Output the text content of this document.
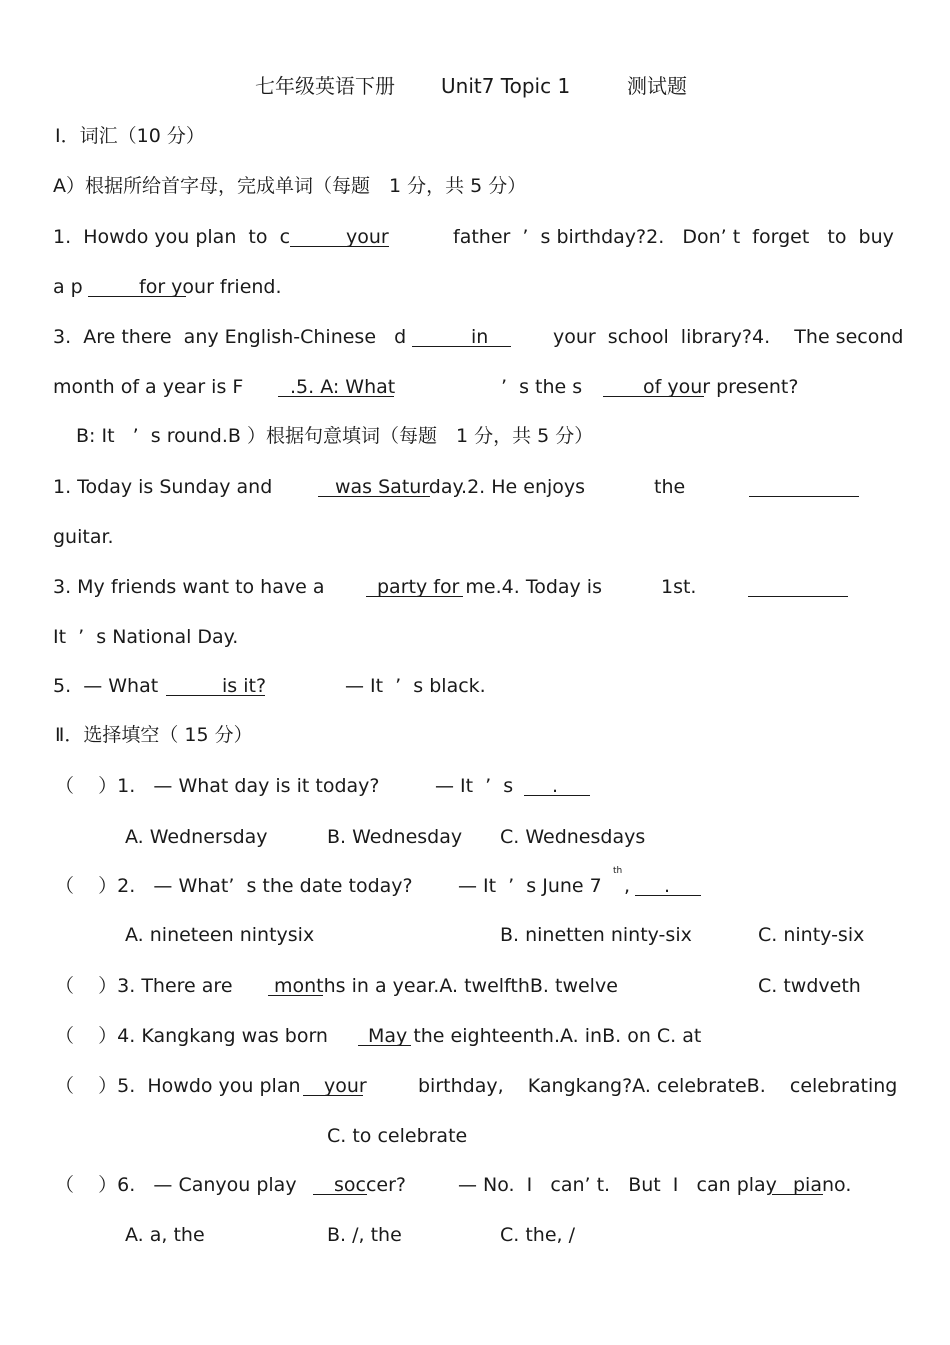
七年级英语下册 Unit7 Topic 1	测试题
Ⅰ．词汇（10 分）
A）根据所给首字母，完成单词（每题　1 分，共 5 分）
1.  Howdo you plan  to  c	your	father  ’  s birthday?2.   Don’ t  forget   to  buy
a p	for your friend.
3.  Are there  any English-Chinese   d	in	your  school  library?4.    The second
month of a year is F .5. A: What	’  s the s	of your present?
B: It   ’  s round.B ）根据句意填词（每题　1 分，共 5 分）
1. Today is Sunday and	was Saturday.2. He enjoys	the
guitar.
3. My friends want to have a	party for me.4. Today is	1st.
It  ’  s National Day.
5.  — What	is it?	— It  ’  s black.
Ⅱ．选择填空（ 15 分）
（    ）1.   — What day is it today?	— It  ’  s .
A. Wednersday	B. Wednesday C. Wednesdays
（    ）2.   — What’  s the date today? — It  ’  s June 7
th
, .
A. nineteen nintysix	B. ninetten ninty-six	C. ninty-six
（    ）3. There are months in a year.A. twelfthB. twelve	C. twdveth
（    ）4. Kangkang was born May the eighteenth.A. inB. on C. at
（    ）5.  Howdo you plan your	birthday,    Kangkang?A. celebrateB.    celebrating
C. to celebrate
（    ）6.   — Canyou play soccer?	— No.  I   can’ t.   But  I   can play piano.
A. a, the	B. /, the	C. the, /
